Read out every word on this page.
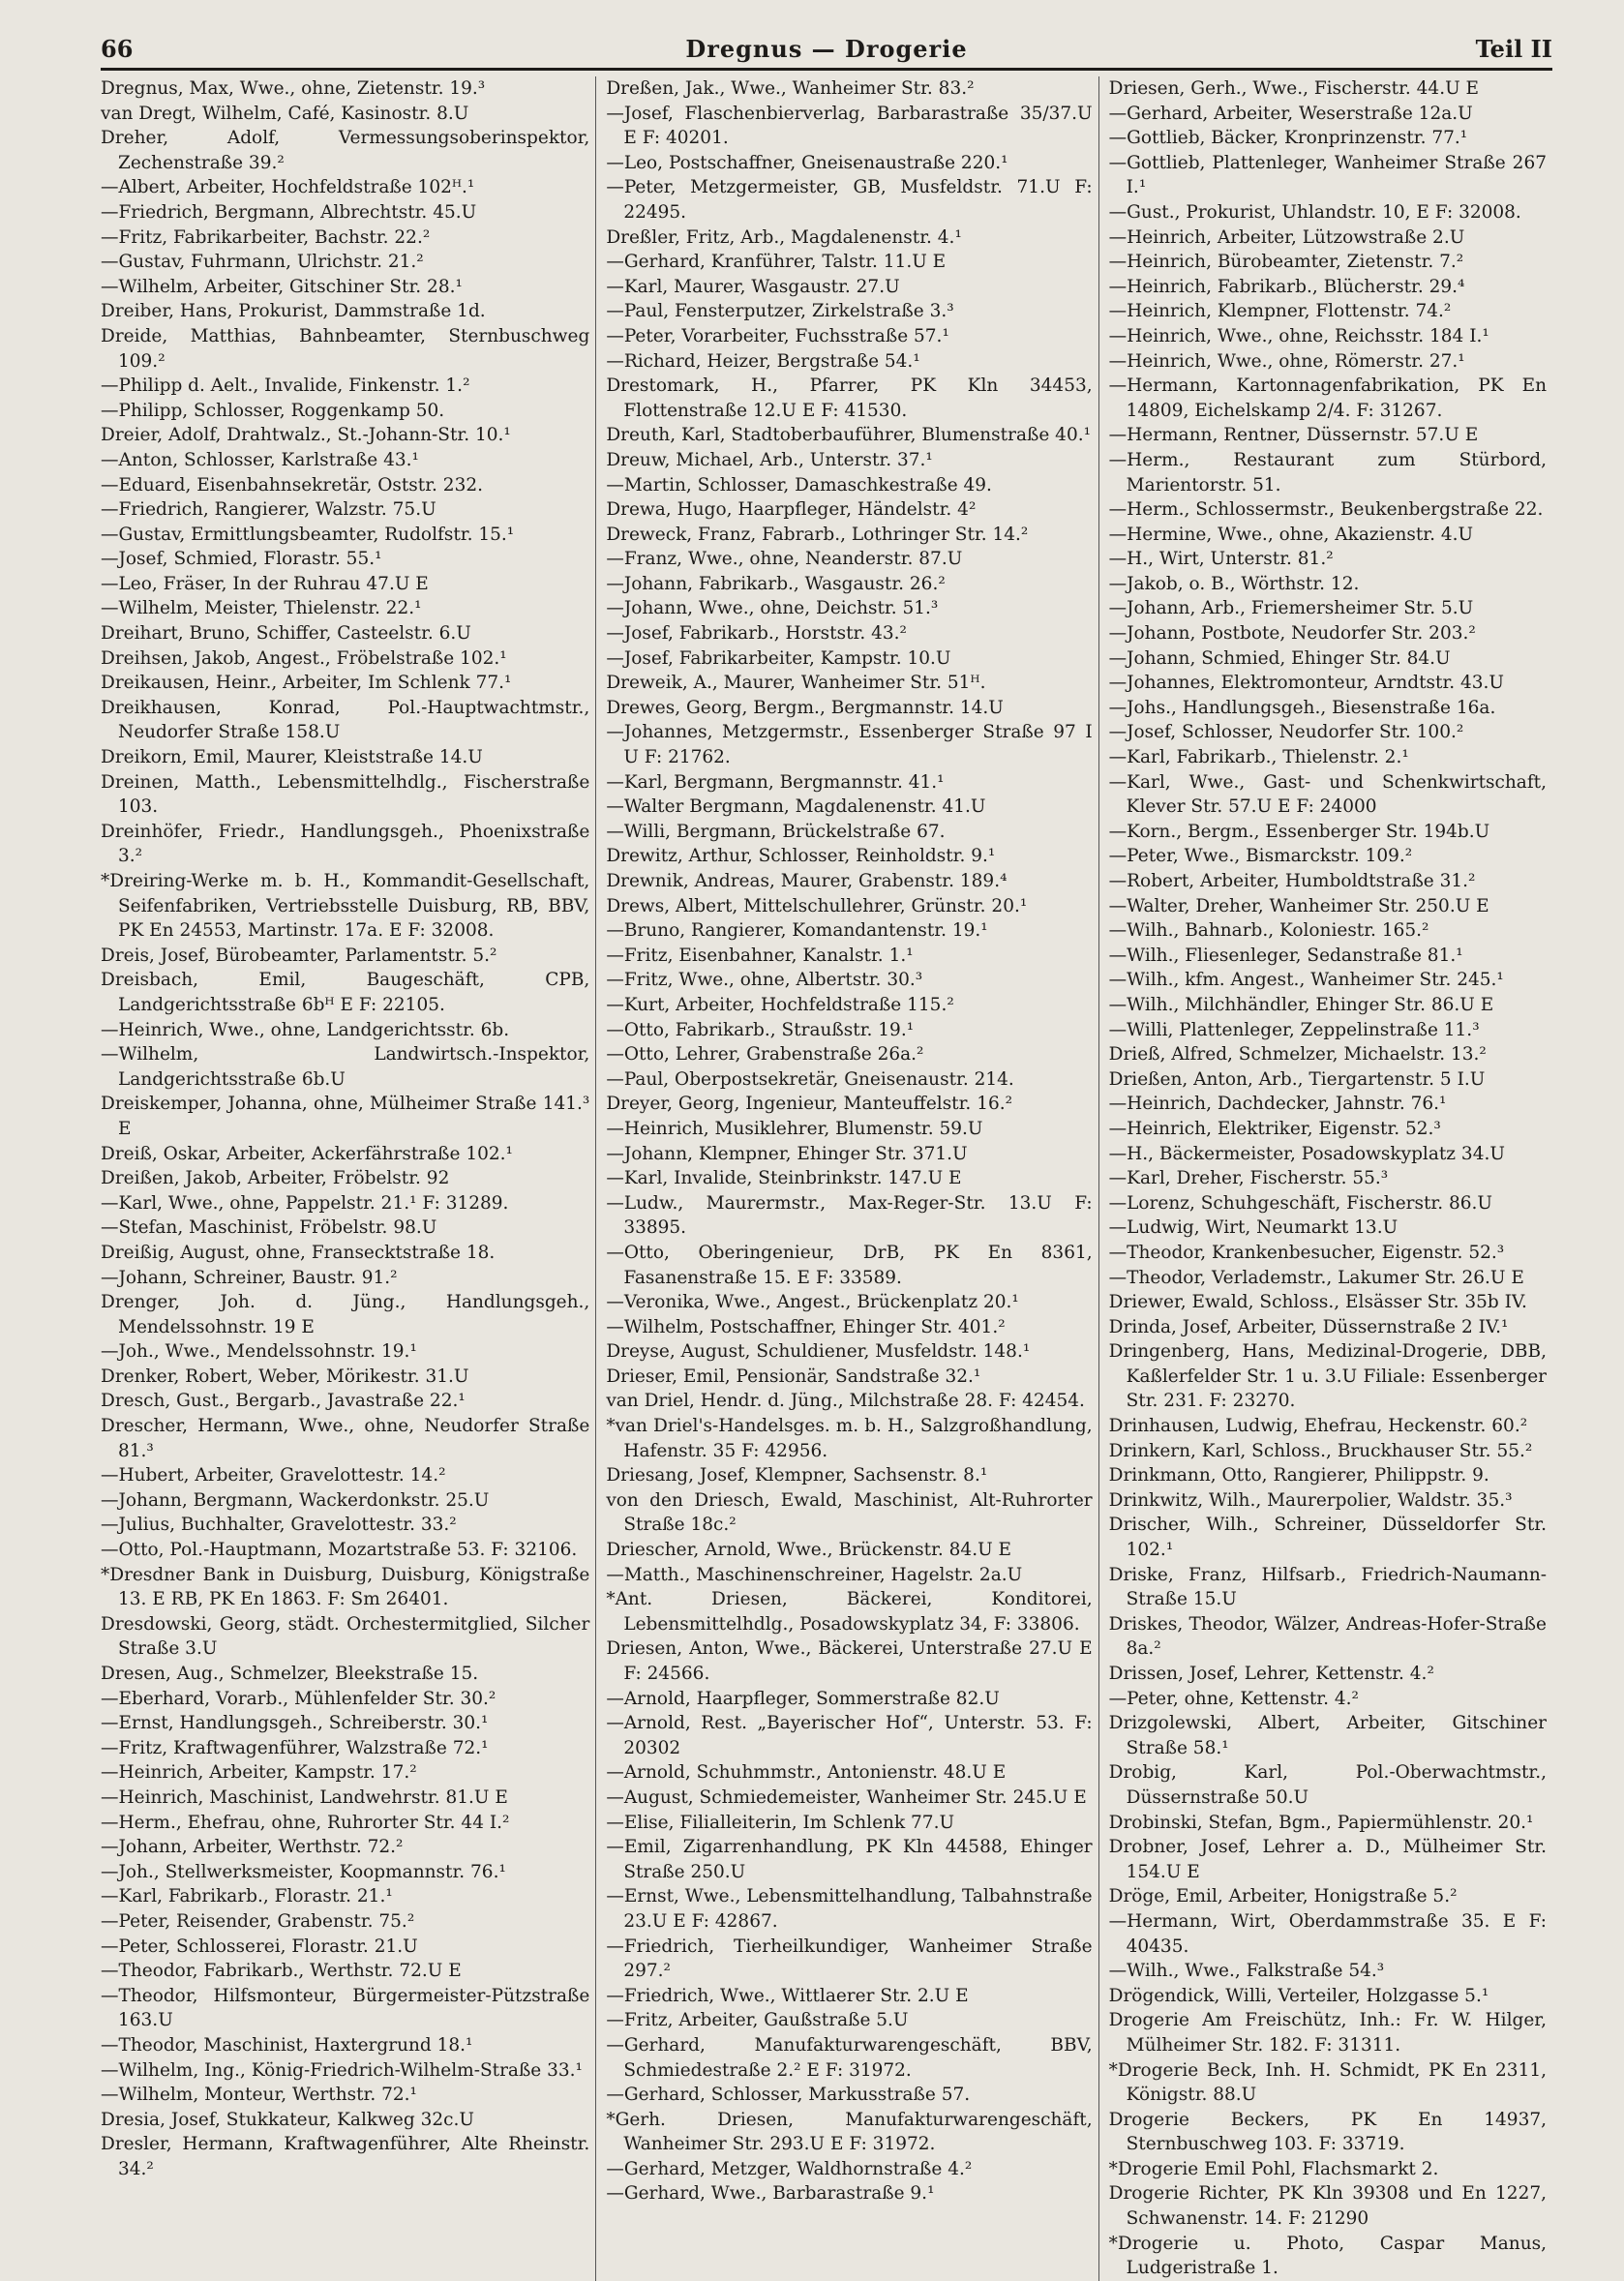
66	Dregnus — Drogerie	Teil II
Dregnus, Max, Wwe., ohne, Zietenstr. 19.³
van Dregt, Wilhelm, Café, Kasinostr. 8.U
Dreher, Adolf, Vermessungsoberinspektor, Zechenstraße 39.²
—Albert, Arbeiter, Hochfeldstraße 102ᴴ.¹
—Friedrich, Bergmann, Albrechtstr. 45.U
—Fritz, Fabrikarbeiter, Bachstr. 22.²
—Gustav, Fuhrmann, Ulrichstr. 21.²
—Wilhelm, Arbeiter, Gitschiner Str. 28.¹
Dreiber, Hans, Prokurist, Dammstraße 1d.
Dreide, Matthias, Bahnbeamter, Sternbuschweg 109.²
—Philipp d. Aelt., Invalide, Finkenstr. 1.²
—Philipp, Schlosser, Roggenkamp 50.
Dreier, Adolf, Drahtwalz., St.-Johann-Str. 10.¹
—Anton, Schlosser, Karlstraße 43.¹
—Eduard, Eisenbahnsekretär, Oststr. 232.
—Friedrich, Rangierer, Walzstr. 75.U
—Gustav, Ermittlungsbeamter, Rudolfstr. 15.¹
—Josef, Schmied, Florastr. 55.¹
—Leo, Fräser, In der Ruhrau 47.U E
—Wilhelm, Meister, Thielenstr. 22.¹
Dreihart, Bruno, Schiffer, Casteelstr. 6.U
Dreihsen, Jakob, Angest., Fröbelstraße 102.¹
Dreikausen, Heinr., Arbeiter, Im Schlenk 77.¹
Dreikhausen, Konrad, Pol.-Hauptwachtmstr., Neudorfer Straße 158.U
Dreikorn, Emil, Maurer, Kleiststraße 14.U
Dreinen, Matth., Lebensmittelhdlg., Fischerstraße 103.
Dreinhöfer, Friedr., Handlungsgeh., Phoenixstraße 3.²
*Dreiring-Werke m. b. H., Kommandit-Gesellschaft, Seifenfabriken, Vertriebsstelle Duisburg, RB, BBV, PK En 24553, Martinstr. 17a. E F: 32008.
Dreis, Josef, Bürobeamter, Parlamentstr. 5.²
Dreisbach, Emil, Baugeschäft, CPB, Landgerichtsstraße 6bᴴ E F: 22105.
—Heinrich, Wwe., ohne, Landgerichtsstr. 6b.
—Wilhelm, Landwirtsch.-Inspektor, Landgerichtsstraße 6b.U
Dreiskemper, Johanna, ohne, Mülheimer Straße 141.³ E
Dreiß, Oskar, Arbeiter, Ackerfährstraße 102.¹
Dreißen, Jakob, Arbeiter, Fröbelstr. 92
—Karl, Wwe., ohne, Pappelstr. 21.¹ F: 31289.
—Stefan, Maschinist, Fröbelstr. 98.U
Dreißig, August, ohne, Fransecktstraße 18.
—Johann, Schreiner, Baustr. 91.²
Drenger, Joh. d. Jüng., Handlungsgeh., Mendelssohnstr. 19 E
—Joh., Wwe., Mendelssohnstr. 19.¹
Drenker, Robert, Weber, Mörikestr. 31.U
Dresch, Gust., Bergarb., Javastraße 22.¹
Drescher, Hermann, Wwe., ohne, Neudorfer Straße 81.³
—Hubert, Arbeiter, Gravelottestr. 14.²
—Johann, Bergmann, Wackerdonkstr. 25.U
—Julius, Buchhalter, Gravelottestr. 33.²
—Otto, Pol.-Hauptmann, Mozartstraße 53. F: 32106.
*Dresdner Bank in Duisburg, Duisburg, Königstraße 13. E RB, PK En 1863. F: Sm 26401.
Dresdowski, Georg, städt. Orchestermitglied, Silcher Straße 3.U
Dresen, Aug., Schmelzer, Bleekstraße 15.
—Eberhard, Vorarb., Mühlenfelder Str. 30.²
—Ernst, Handlungsgeh., Schreiberstr. 30.¹
—Fritz, Kraftwagenführer, Walzstraße 72.¹
—Heinrich, Arbeiter, Kampstr. 17.²
—Heinrich, Maschinist, Landwehrstr. 81.U E
—Herm., Ehefrau, ohne, Ruhrorter Str. 44 I.²
—Johann, Arbeiter, Werthstr. 72.²
—Joh., Stellwerksmeister, Koopmannstr. 76.¹
—Karl, Fabrikarb., Florastr. 21.¹
—Peter, Reisender, Grabenstr. 75.²
—Peter, Schlosserei, Florastr. 21.U
—Theodor, Fabrikarb., Werthstr. 72.U E
—Theodor, Hilfsmonteur, Bürgermeister-Pützstraße 163.U
—Theodor, Maschinist, Haxtergrund 18.¹
—Wilhelm, Ing., König-Friedrich-Wilhelm-Straße 33.¹
—Wilhelm, Monteur, Werthstr. 72.¹
Dresia, Josef, Stukkateur, Kalkweg 32c.U
Dresler, Hermann, Kraftwagenführer, Alte Rheinstr. 34.²
Dreßen, Jak., Wwe., Wanheimer Str. 83.²
—Josef, Flaschenbierverlag, Barbarastraße 35/37.U E F: 40201.
—Leo, Postschaffner, Gneisenaustraße 220.¹
—Peter, Metzgermeister, GB, Musfeldstr. 71.U F: 22495.
Dreßler, Fritz, Arb., Magdalenenstr. 4.¹
—Gerhard, Kranführer, Talstr. 11.U E
—Karl, Maurer, Wasgaustr. 27.U
—Paul, Fensterputzer, Zirkelstraße 3.³
—Peter, Vorarbeiter, Fuchsstraße 57.¹
—Richard, Heizer, Bergstraße 54.¹
Drestomark, H., Pfarrer, PK Kln 34453, Flottenstraße 12.U E F: 41530.
Dreuth, Karl, Stadtoberbauführer, Blumenstraße 40.¹
Dreuw, Michael, Arb., Unterstr. 37.¹
—Martin, Schlosser, Damaschkestraße 49.
Drewa, Hugo, Haarpfleger, Händelstr. 4²
Dreweck, Franz, Fabrarb., Lothringer Str. 14.²
—Franz, Wwe., ohne, Neanderstr. 87.U
—Johann, Fabrikarb., Wasgaustr. 26.²
—Johann, Wwe., ohne, Deichstr. 51.³
—Josef, Fabrikarb., Horststr. 43.²
—Josef, Fabrikarbeiter, Kampstr. 10.U
Dreweik, A., Maurer, Wanheimer Str. 51ᴴ.
Drewes, Georg, Bergm., Bergmannstr. 14.U
—Johannes, Metzgermstr., Essenberger Straße 97 I U F: 21762.
—Karl, Bergmann, Bergmannstr. 41.¹
—Walter Bergmann, Magdalenenstr. 41.U
—Willi, Bergmann, Brückelstraße 67.
Drewitz, Arthur, Schlosser, Reinholdstr. 9.¹
Drewnik, Andreas, Maurer, Grabenstr. 189.⁴
Drews, Albert, Mittelschullehrer, Grünstr. 20.¹
—Bruno, Rangierer, Komandantenstr. 19.¹
—Fritz, Eisenbahner, Kanalstr. 1.¹
—Fritz, Wwe., ohne, Albertstr. 30.³
—Kurt, Arbeiter, Hochfeldstraße 115.²
—Otto, Fabrikarb., Straußstr. 19.¹
—Otto, Lehrer, Grabenstraße 26a.²
—Paul, Oberpostsekretär, Gneisenaustr. 214.
Dreyer, Georg, Ingenieur, Manteuffelstr. 16.²
—Heinrich, Musiklehrer, Blumenstr. 59.U
—Johann, Klempner, Ehinger Str. 371.U
—Karl, Invalide, Steinbrinkstr. 147.U E
—Ludw., Maurermstr., Max-Reger-Str. 13.U F: 33895.
—Otto, Oberingenieur, DrB, PK En 8361, Fasanenstraße 15. E F: 33589.
—Veronika, Wwe., Angest., Brückenplatz 20.¹
—Wilhelm, Postschaffner, Ehinger Str. 401.²
Dreyse, August, Schuldiener, Musfeldstr. 148.¹
Drieser, Emil, Pensionär, Sandstraße 32.¹
van Driel, Hendr. d. Jüng., Milchstraße 28. F: 42454.
*van Driel's-Handelsges. m. b. H., Salzgroßhandlung, Hafenstr. 35 F: 42956.
Driesang, Josef, Klempner, Sachsenstr. 8.¹
von den Driesch, Ewald, Maschinist, Alt-Ruhrorter Straße 18c.²
Driescher, Arnold, Wwe., Brückenstr. 84.U E
—Matth., Maschinenschreiner, Hagelstr. 2a.U
*Ant. Driesen, Bäckerei, Konditorei, Lebensmittelhdlg., Posadowskyplatz 34, F: 33806.
Driesen, Anton, Wwe., Bäckerei, Unterstraße 27.U E F: 24566.
—Arnold, Haarpfleger, Sommerstraße 82.U
—Arnold, Rest. „Bayerischer Hof“, Unterstr. 53. F: 20302
—Arnold, Schuhmmstr., Antonienstr. 48.U E
—August, Schmiedemeister, Wanheimer Str. 245.U E
—Elise, Filialleiterin, Im Schlenk 77.U
—Emil, Zigarrenhandlung, PK Kln 44588, Ehinger Straße 250.U
—Ernst, Wwe., Lebensmittelhandlung, Talbahnstraße 23.U E F: 42867.
—Friedrich, Tierheilkundiger, Wanheimer Straße 297.²
—Friedrich, Wwe., Wittlaerer Str. 2.U E
—Fritz, Arbeiter, Gaußstraße 5.U
—Gerhard, Manufakturwarengeschäft, BBV, Schmiedestraße 2.² E F: 31972.
—Gerhard, Schlosser, Markusstraße 57.
*Gerh. Driesen, Manufakturwarengeschäft, Wanheimer Str. 293.U E F: 31972.
—Gerhard, Metzger, Waldhornstraße 4.²
—Gerhard, Wwe., Barbarastraße 9.¹
Driesen, Gerh., Wwe., Fischerstr. 44.U E
—Gerhard, Arbeiter, Weserstraße 12a.U
—Gottlieb, Bäcker, Kronprinzenstr. 77.¹
—Gottlieb, Plattenleger, Wanheimer Straße 267 I.¹
—Gust., Prokurist, Uhlandstr. 10, E F: 32008.
—Heinrich, Arbeiter, Lützowstraße 2.U
—Heinrich, Bürobeamter, Zietenstr. 7.²
—Heinrich, Fabrikarb., Blücherstr. 29.⁴
—Heinrich, Klempner, Flottenstr. 74.²
—Heinrich, Wwe., ohne, Reichsstr. 184 I.¹
—Heinrich, Wwe., ohne, Römerstr. 27.¹
—Hermann, Kartonnagenfabrikation, PK En 14809, Eichelskamp 2/4. F: 31267.
—Hermann, Rentner, Düssernstr. 57.U E
—Herm., Restaurant zum Stürbord, Marientorstr. 51.
—Herm., Schlossermstr., Beukenbergstraße 22.
—Hermine, Wwe., ohne, Akazienstr. 4.U
—H., Wirt, Unterstr. 81.²
—Jakob, o. B., Wörthstr. 12.
—Johann, Arb., Friemersheimer Str. 5.U
—Johann, Postbote, Neudorfer Str. 203.²
—Johann, Schmied, Ehinger Str. 84.U
—Johannes, Elektromonteur, Arndtstr. 43.U
—Johs., Handlungsgeh., Biesenstraße 16a.
—Josef, Schlosser, Neudorfer Str. 100.²
—Karl, Fabrikarb., Thielenstr. 2.¹
—Karl, Wwe., Gast- und Schenkwirtschaft, Klever Str. 57.U E F: 24000
—Korn., Bergm., Essenberger Str. 194b.U
—Peter, Wwe., Bismarckstr. 109.²
—Robert, Arbeiter, Humboldtstraße 31.²
—Walter, Dreher, Wanheimer Str. 250.U E
—Wilh., Bahnarb., Koloniestr. 165.²
—Wilh., Fliesenleger, Sedanstraße 81.¹
—Wilh., kfm. Angest., Wanheimer Str. 245.¹
—Wilh., Milchhändler, Ehinger Str. 86.U E
—Willi, Plattenleger, Zeppelinstraße 11.³
Drieß, Alfred, Schmelzer, Michaelstr. 13.²
Drießen, Anton, Arb., Tiergartenstr. 5 I.U
—Heinrich, Dachdecker, Jahnstr. 76.¹
—Heinrich, Elektriker, Eigenstr. 52.³
—H., Bäckermeister, Posadowskyplatz 34.U
—Karl, Dreher, Fischerstr. 55.³
—Lorenz, Schuhgeschäft, Fischerstr. 86.U
—Ludwig, Wirt, Neumarkt 13.U
—Theodor, Krankenbesucher, Eigenstr. 52.³
—Theodor, Verlademstr., Lakumer Str. 26.U E
Driewer, Ewald, Schloss., Elsässer Str. 35b IV.
Drinda, Josef, Arbeiter, Düssernstraße 2 IV.¹
Dringenberg, Hans, Medizinal-Drogerie, DBB, Kaßlerfelder Str. 1 u. 3.U Filiale: Essenberger Str. 231. F: 23270.
Drinhausen, Ludwig, Ehefrau, Heckenstr. 60.²
Drinkern, Karl, Schloss., Bruckhauser Str. 55.²
Drinkmann, Otto, Rangierer, Philippstr. 9.
Drinkwitz, Wilh., Maurerpolier, Waldstr. 35.³
Drischer, Wilh., Schreiner, Düsseldorfer Str. 102.¹
Driske, Franz, Hilfsarb., Friedrich-Naumann-Straße 15.U
Driskes, Theodor, Wälzer, Andreas-Hofer-Straße 8a.²
Drissen, Josef, Lehrer, Kettenstr. 4.²
—Peter, ohne, Kettenstr. 4.²
Drizgolewski, Albert, Arbeiter, Gitschiner Straße 58.¹
Drobig, Karl, Pol.-Oberwachtmstr., Düssernstraße 50.U
Drobinski, Stefan, Bgm., Papiermühlenstr. 20.¹
Drobner, Josef, Lehrer a. D., Mülheimer Str. 154.U E
Dröge, Emil, Arbeiter, Honigstraße 5.²
—Hermann, Wirt, Oberdammstraße 35. E F: 40435.
—Wilh., Wwe., Falkstraße 54.³
Drögendick, Willi, Verteiler, Holzgasse 5.¹
Drogerie Am Freischütz, Inh.: Fr. W. Hilger, Mülheimer Str. 182. F: 31311.
*Drogerie Beck, Inh. H. Schmidt, PK En 2311, Königstr. 88.U
Drogerie Beckers, PK En 14937, Sternbuschweg 103. F: 33719.
*Drogerie Emil Pohl, Flachsmarkt 2.
Drogerie Richter, PK Kln 39308 und En 1227, Schwanenstr. 14. F: 21290
*Drogerie u. Photo, Caspar Manus, Ludgeristraße 1.
